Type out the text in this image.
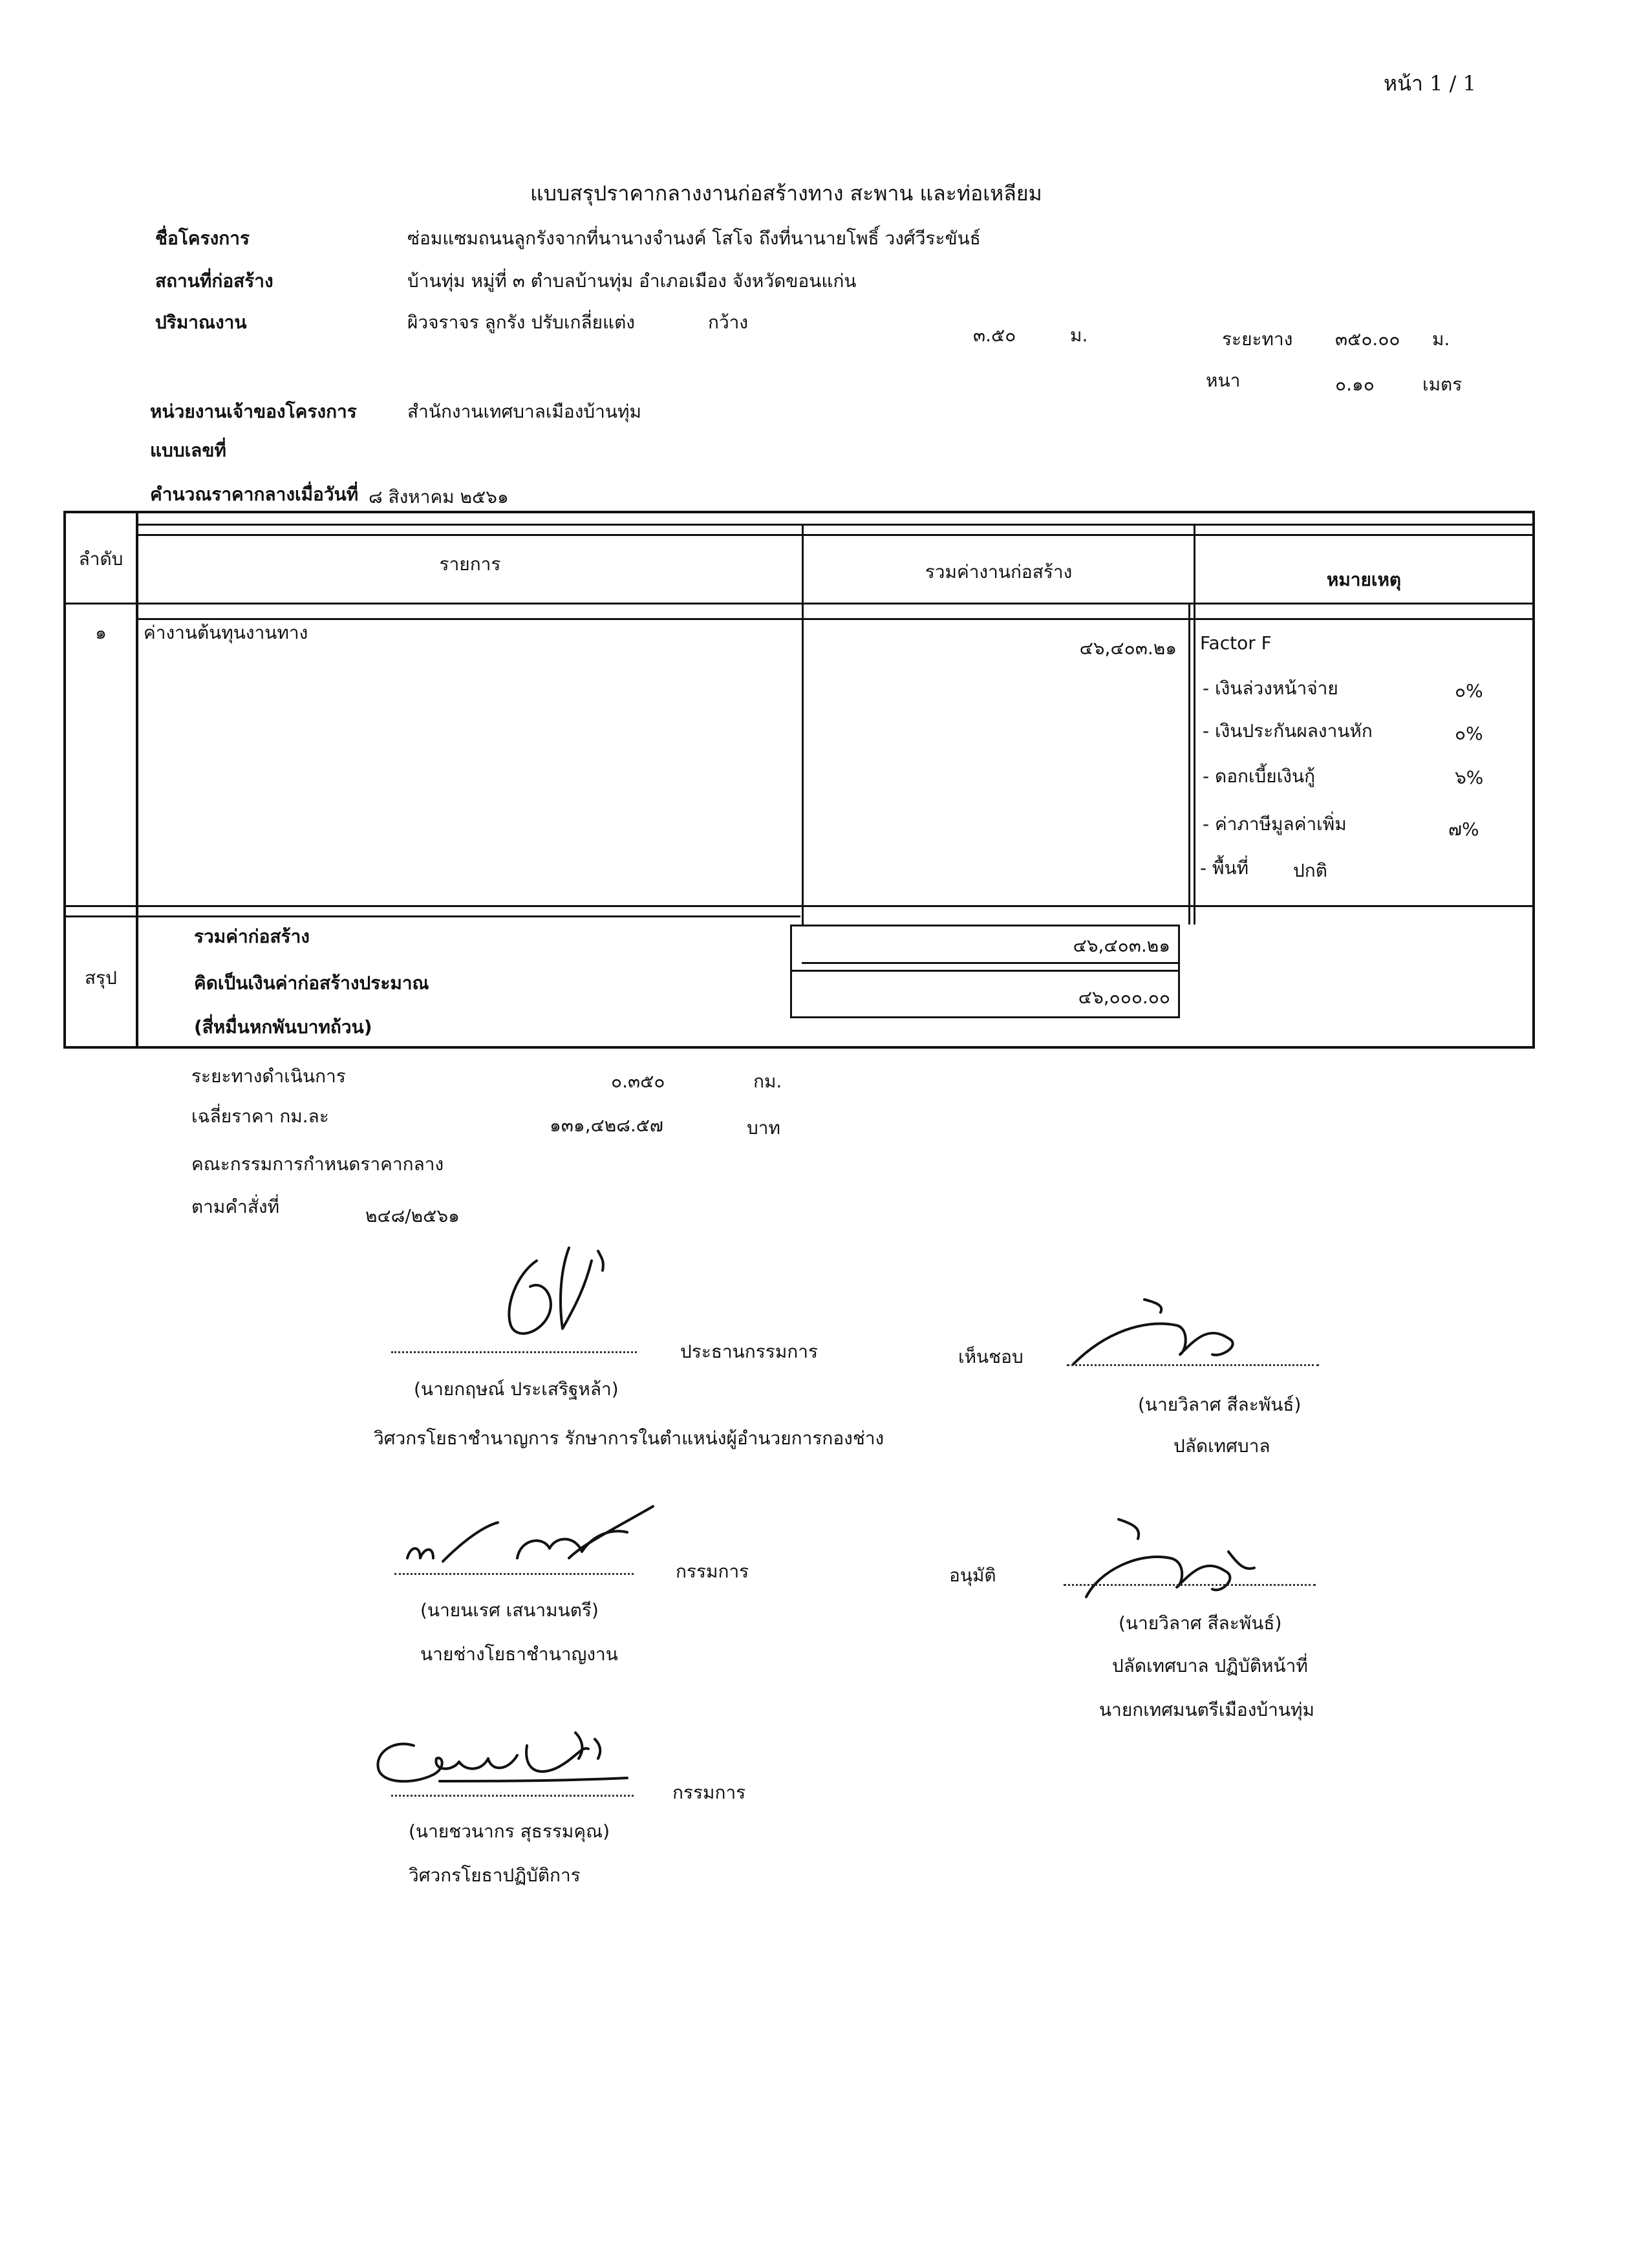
หน้า 1 / 1
แบบสรุปราคากลางงานก่อสร้างทาง สะพาน และท่อเหลียม
ชื่อโครงการ	ซ่อมแซมถนนลูกรังจากที่นานางจำนงค์ โสโจ ถึงที่นานายโพธิ์ วงศ์วีระขันธ์
สถานที่ก่อสร้าง	บ้านทุ่ม หมู่ที่ ๓ ตำบลบ้านทุ่ม อำเภอเมือง จังหวัดขอนแก่น
ปริมาณงาน	ผิวจราจร ลูกรัง ปรับเกลี่ยแต่ง	กว้าง
๓.๕๐	ม.	ระยะทาง ๓๕๐.๐๐ ม.
หนา	๐.๑๐	เมตร
หน่วยงานเจ้าของโครงการ	สำนักงานเทศบาลเมืองบ้านทุ่ม
แบบเลขที่
คำนวณราคากลางเมื่อวันที่ ๘ สิงหาคม ๒๕๖๑
ลำดับ	รายการ	รวมค่างานก่อสร้าง	หมายเหตุ
๑	ค่างานต้นทุนงานทาง
๔๖,๔๐๓.๒๑ Factor F
- เงินล่วงหน้าจ่าย	๐%
- เงินประกันผลงานหัก	๐%
- ดอกเบี้ยเงินกู้	๖%
- ค่าภาษีมูลค่าเพิ่ม	๗%
- พื้นที่ ปกติ
สรุป
รวมค่าก่อสร้าง	๔๖,๔๐๓.๒๑
คิดเป็นเงินค่าก่อสร้างประมาณ
๔๖,๐๐๐.๐๐
(สี่หมื่นหกพันบาทถ้วน)
ระยะทางดำเนินการ	๐.๓๕๐	กม.
เฉลี่ยราคา กม.ละ	๑๓๑,๔๒๘.๕๗	บาท
คณะกรรมการกำหนดราคากลาง
ตามคำสั่งที่	๒๔๘/๒๕๖๑
ประธานกรรมการ
(นายกฤษณ์ ประเสริฐหล้า)
วิศวกรโยธาชำนาญการ รักษาการในตำแหน่งผู้อำนวยการกองช่าง
เห็นชอบ
(นายวิลาศ สีละพันธ์)
ปลัดเทศบาล
กรรมการ
(นายนเรศ เสนามนตรี)
นายช่างโยธาชำนาญงาน
อนุมัติ
(นายวิลาศ สีละพันธ์)
ปลัดเทศบาล ปฏิบัติหน้าที่
นายกเทศมนตรีเมืองบ้านทุ่ม
กรรมการ
(นายชวนากร สุธรรมคุณ)
วิศวกรโยธาปฏิบัติการ
